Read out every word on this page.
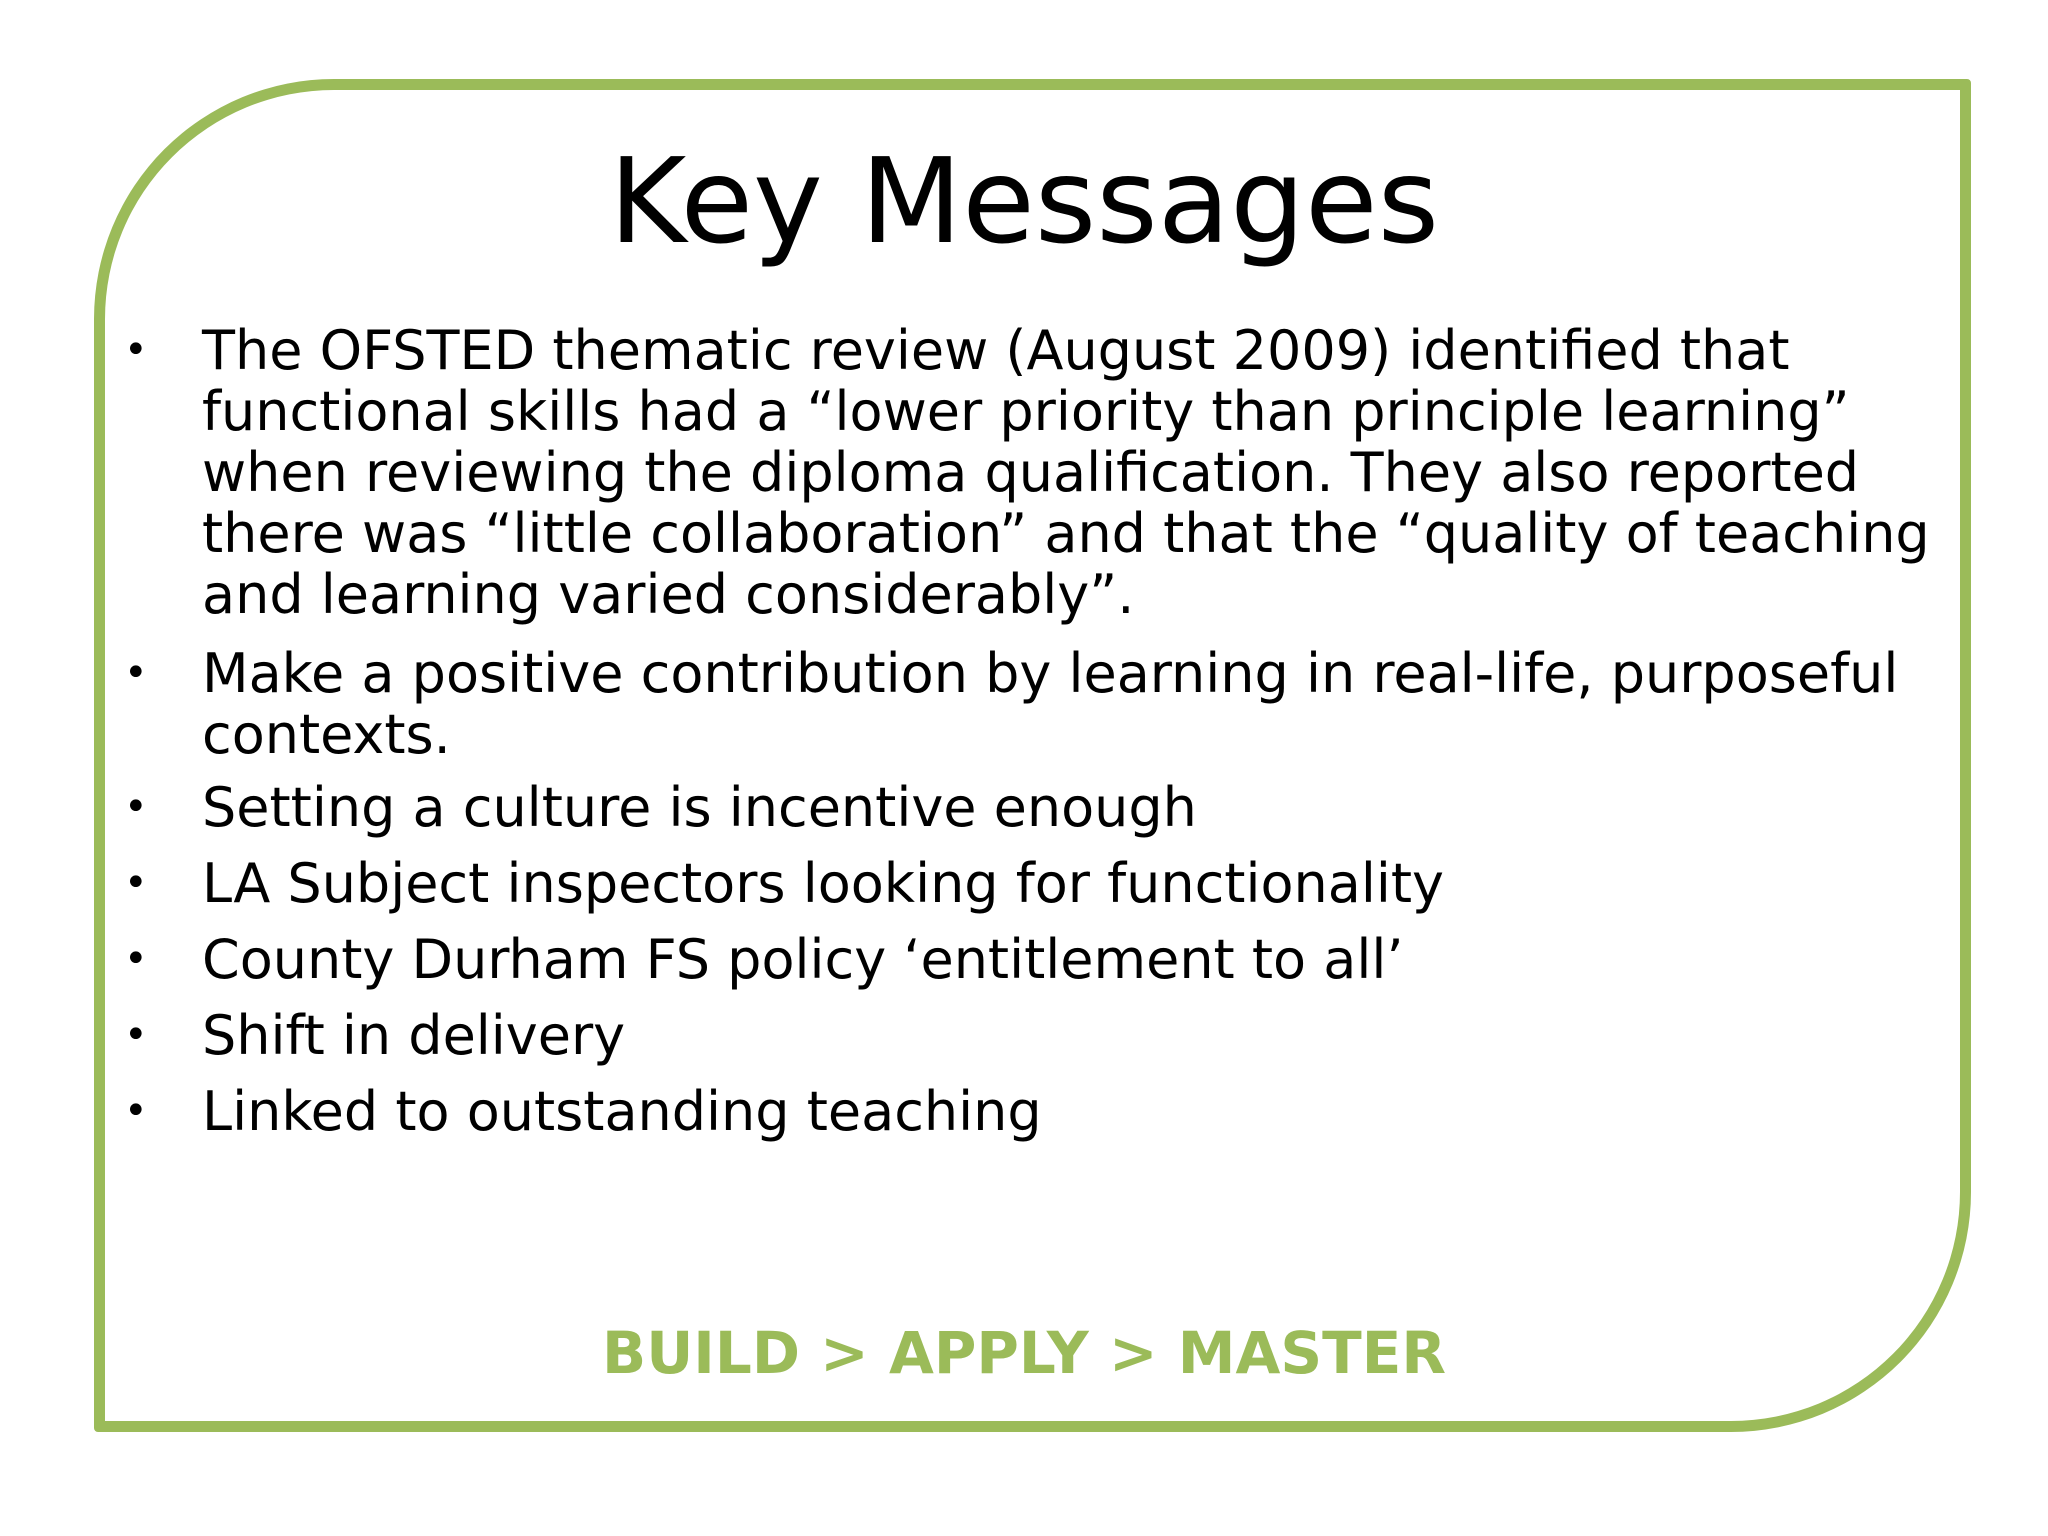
Key Messages
• The OFSTED thematic review (August 2009) identified that functional skills had a “lower priority than principle learning” when reviewing the diploma qualification. They also reported there was “little collaboration” and that the “quality of teaching and learning varied considerably”.
• Make a positive contribution by learning in real-life, purposeful contexts.
• Setting a culture is incentive enough
• LA Subject inspectors looking for functionality
• County Durham FS policy ‘entitlement to all’
• Shift in delivery
• Linked to outstanding teaching
BUILD > APPLY > MASTER
